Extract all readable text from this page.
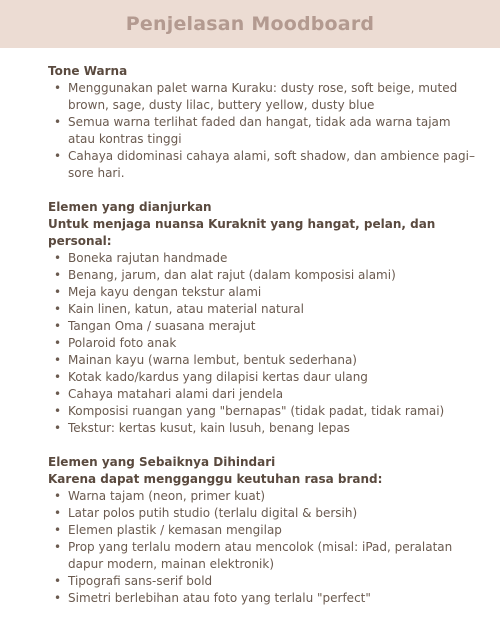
Penjelasan Moodboard

Tone Warna

• Menggunakan palet warna Kuraku: dusty rose, soft beige, muted brown, sage, dusty lilac, buttery yellow, dusty blue
• Semua warna terlihat faded dan hangat, tidak ada warna tajam atau kontras tinggi
• Cahaya didominasi cahaya alami, soft shadow, dan ambience pagi–sore hari.

Elemen yang dianjurkan

Untuk menjaga nuansa Kuraknit yang hangat, pelan, dan personal:

• Boneka rajutan handmade
• Benang, jarum, dan alat rajut (dalam komposisi alami)
• Meja kayu dengan tekstur alami
• Kain linen, katun, atau material natural
• Tangan Oma / suasana merajut
• Polaroid foto anak
• Mainan kayu (warna lembut, bentuk sederhana)
• Kotak kado/kardus yang dilapisi kertas daur ulang
• Cahaya matahari alami dari jendela
• Komposisi ruangan yang "bernapas" (tidak padat, tidak ramai)
• Tekstur: kertas kusut, kain lusuh, benang lepas

Elemen yang Sebaiknya Dihindari

Karena dapat mengganggu keutuhan rasa brand:

• Warna tajam (neon, primer kuat)
• Latar polos putih studio (terlalu digital & bersih)
• Elemen plastik / kemasan mengilap
• Prop yang terlalu modern atau mencolok (misal: iPad, peralatan dapur modern, mainan elektronik)
• Tipografi sans-serif bold
• Simetri berlebihan atau foto yang terlalu "perfect"
